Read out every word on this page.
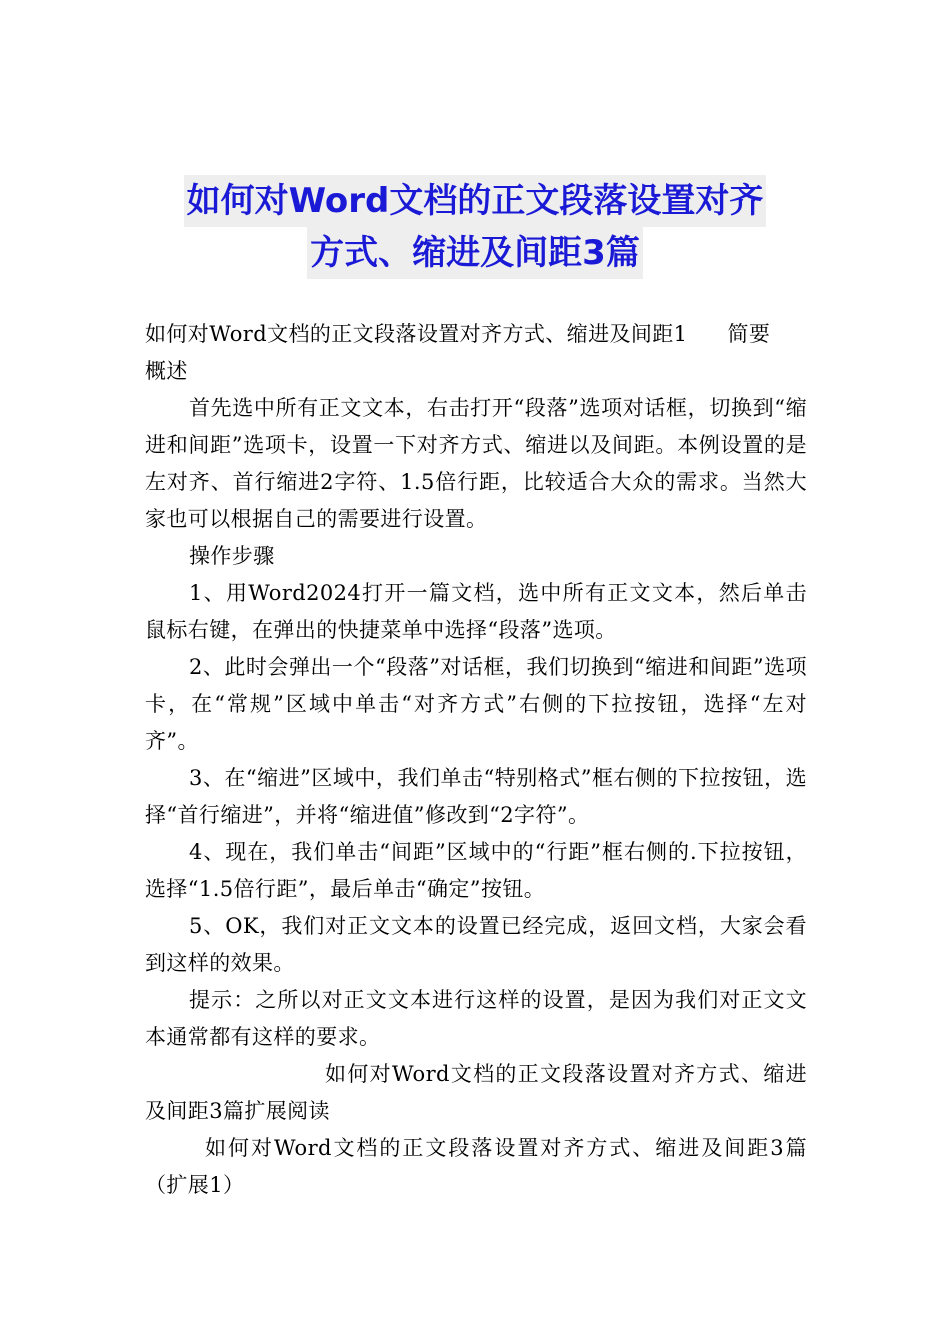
如何对Word文档的正文段落设置对齐
方式、缩进及间距3篇

如何对Word文档的正文段落设置对齐方式、缩进及间距1 简要
概述

首先选中所有正文文本，右击打开“段落”选项对话框，切换到“缩进和间距”选项卡，设置一下对齐方式、缩进以及间距。本例设置的是左对齐、首行缩进2字符、1.5倍行距，比较适合大众的需求。当然大家也可以根据自己的需要进行设置。

操作步骤

1、用Word2024打开一篇文档，选中所有正文文本，然后单击鼠标右键，在弹出的快捷菜单中选择“段落”选项。

2、此时会弹出一个“段落”对话框，我们切换到“缩进和间距”选项卡，在“常规”区域中单击“对齐方式”右侧的下拉按钮，选择“左对齐”。

3、在“缩进”区域中，我们单击“特别格式”框右侧的下拉按钮，选择“首行缩进”，并将“缩进值”修改到“2字符”。

4、现在，我们单击“间距”区域中的“行距”框右侧的.下拉按钮，选择“1.5倍行距”，最后单击“确定”按钮。

5、OK，我们对正文文本的设置已经完成，返回文档，大家会看到这样的效果。

提示：之所以对正文文本进行这样的设置，是因为我们对正文文本通常都有这样的要求。

如何对Word文档的正文段落设置对齐方式、缩进及间距3篇扩展阅读

如何对Word文档的正文段落设置对齐方式、缩进及间距3篇（扩展1）
